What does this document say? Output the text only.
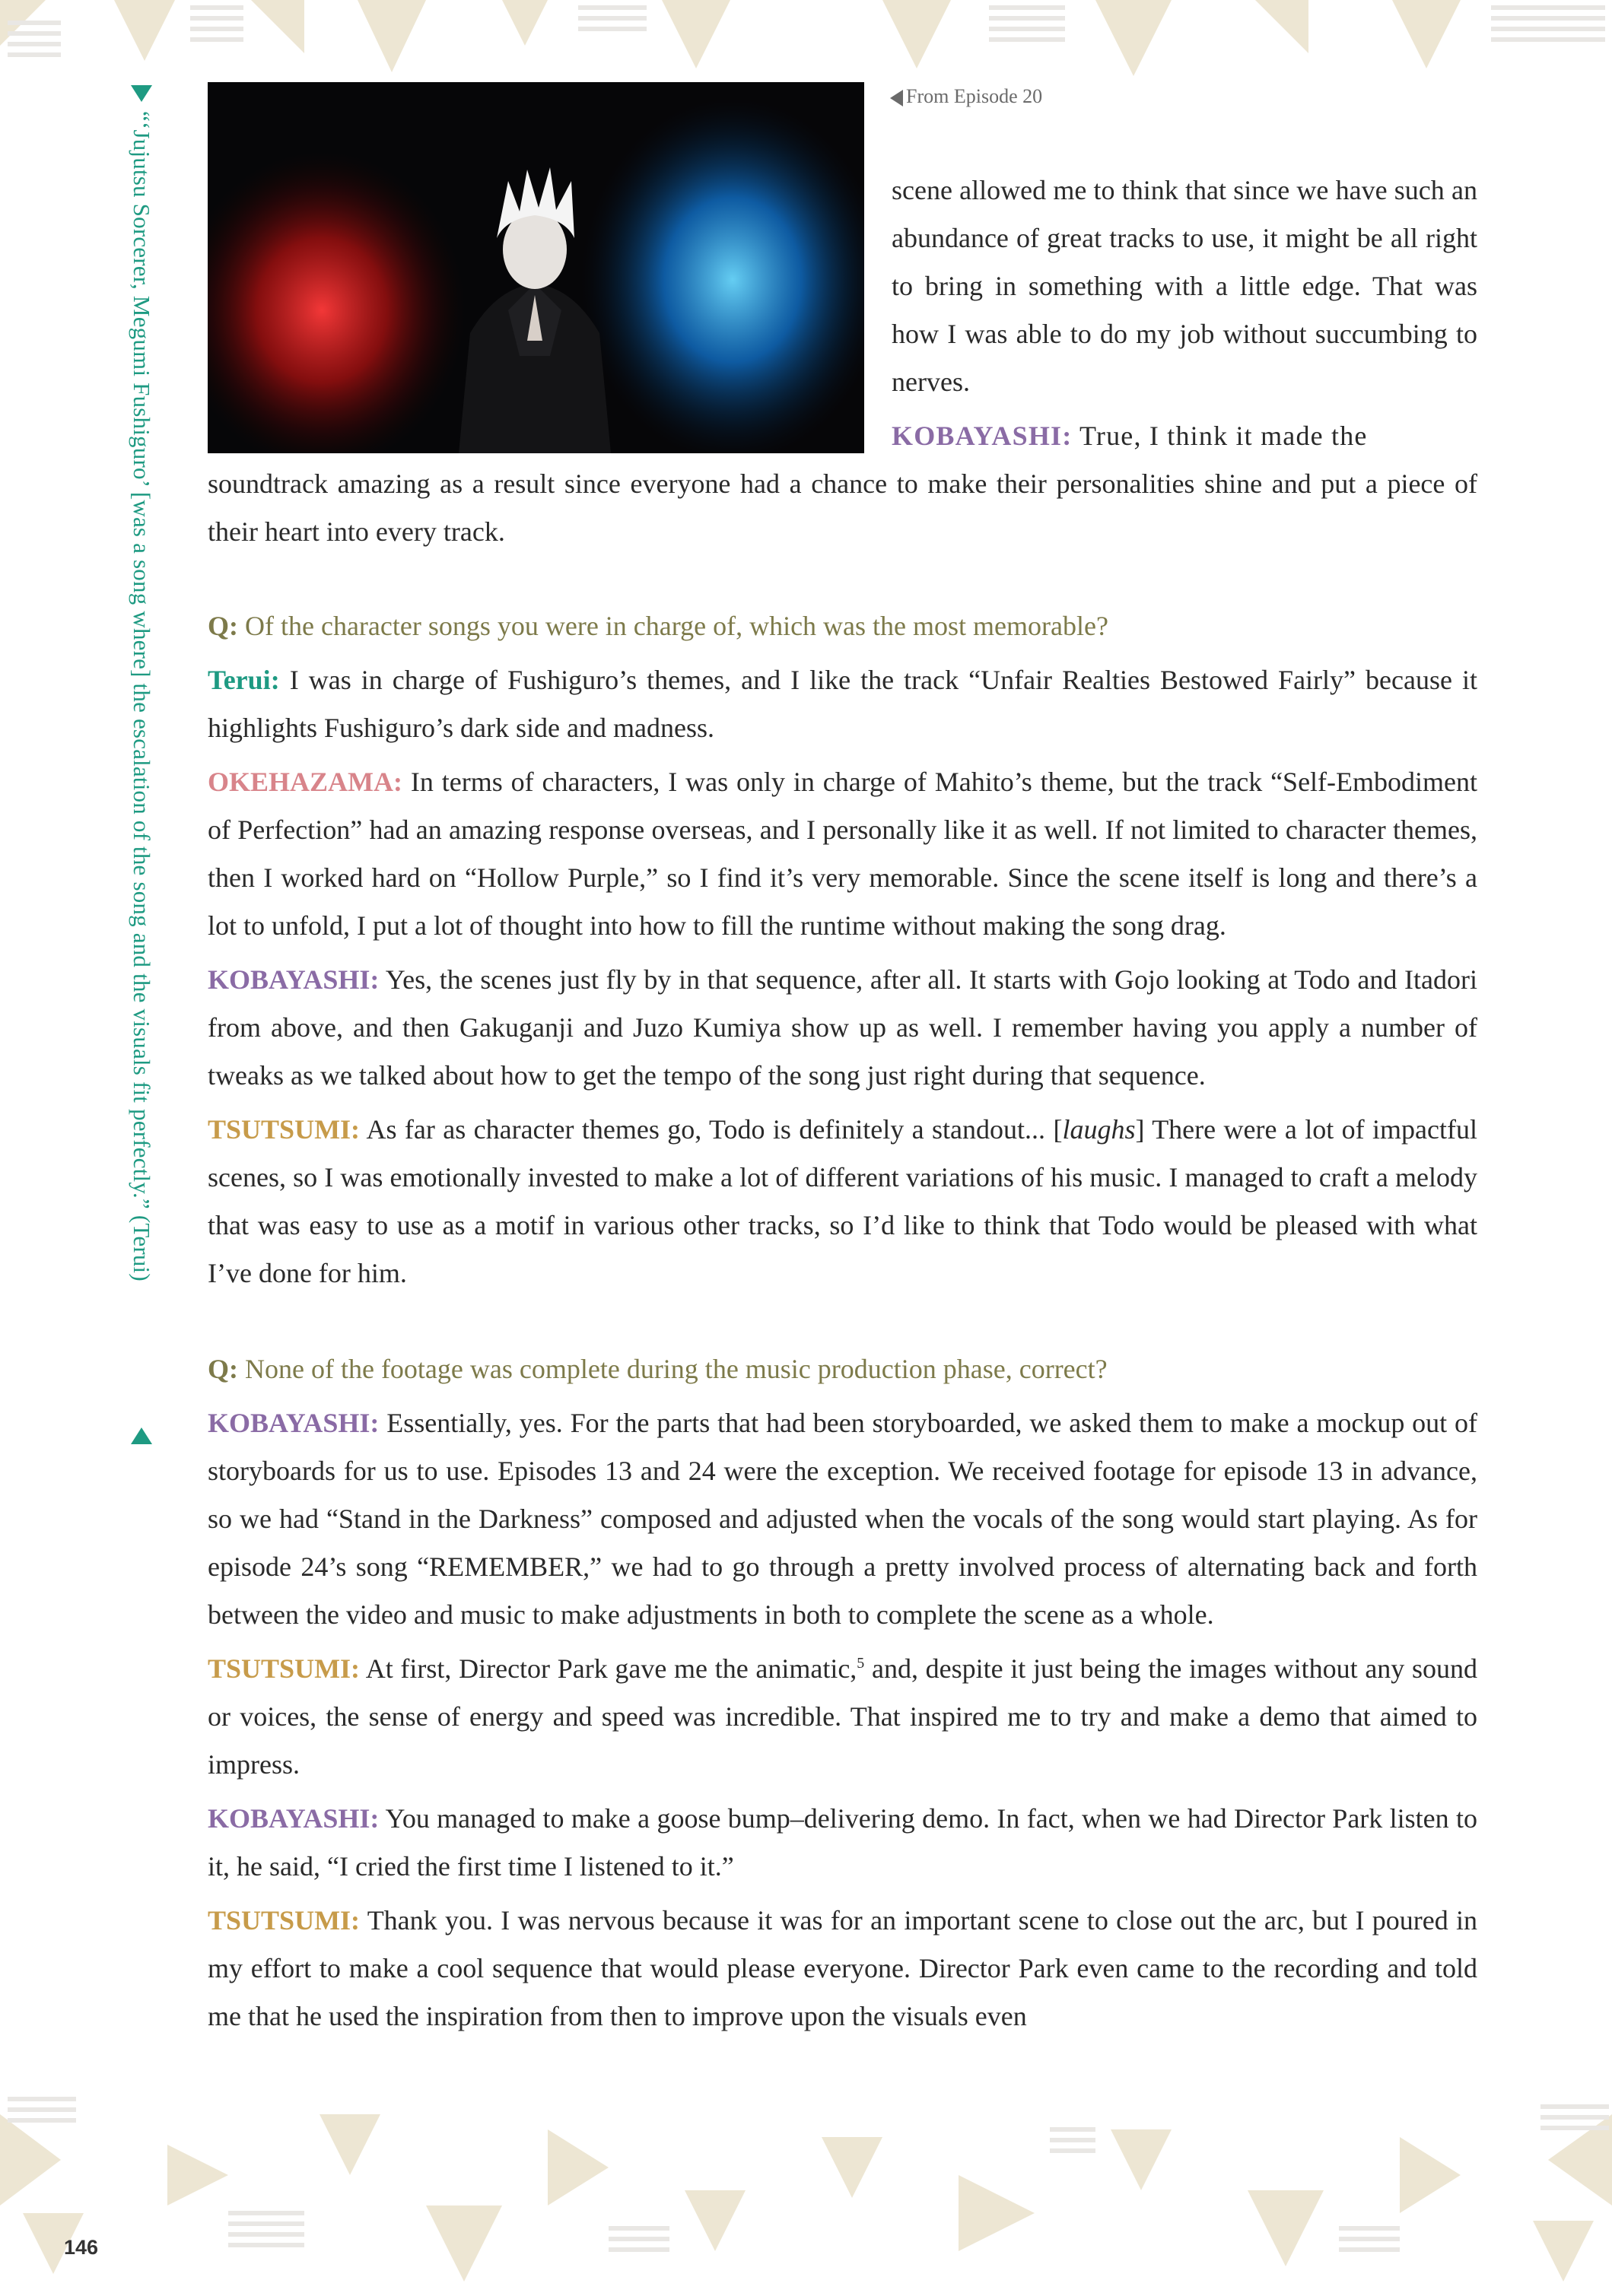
“‘Jujutsu Sorcerer, Megumi Fushiguro’ [was a song where] the escalation of the song and the visuals fit perfectly.” (Terui)
From Episode 20

scene allowed me to think that since we have such an abundance of great tracks to use, it might be all right to bring in something with a little edge. That was how I was able to do my job without succumbing to nerves.

KOBAYASHI: True, I think it made the
soundtrack amazing as a result since everyone had a chance to make their personalities shine and put a piece of their heart into every track.

Q: Of the character songs you were in charge of, which was the most memorable?

Terui: I was in charge of Fushiguro’s themes, and I like the track “Unfair Realties Bestowed Fairly” because it highlights Fushiguro’s dark side and madness.

OKEHAZAMA: In terms of characters, I was only in charge of Mahito’s theme, but the track “Self-Embodiment of Perfection” had an amazing response overseas, and I personally like it as well. If not limited to character themes, then I worked hard on “Hollow Purple,” so I find it’s very memorable. Since the scene itself is long and there’s a lot to unfold, I put a lot of thought into how to fill the runtime without making the song drag.

KOBAYASHI: Yes, the scenes just fly by in that sequence, after all. It starts with Gojo looking at Todo and Itadori from above, and then Gakuganji and Juzo Kumiya show up as well. I remember having you apply a number of tweaks as we talked about how to get the tempo of the song just right during that sequence.

TSUTSUMI: As far as character themes go, Todo is definitely a standout... [laughs] There were a lot of impactful scenes, so I was emotionally invested to make a lot of different variations of his music. I managed to craft a melody that was easy to use as a motif in various other tracks, so I’d like to think that Todo would be pleased with what I’ve done for him.

Q: None of the footage was complete during the music production phase, correct?

KOBAYASHI: Essentially, yes. For the parts that had been storyboarded, we asked them to make a mockup out of storyboards for us to use. Episodes 13 and 24 were the exception. We received footage for episode 13 in advance, so we had “Stand in the Darkness” composed and adjusted when the vocals of the song would start playing. As for episode 24’s song “REMEMBER,” we had to go through a pretty involved process of alternating back and forth between the video and music to make adjustments in both to complete the scene as a whole.

TSUTSUMI: At first, Director Park gave me the animatic,$^5$ and, despite it just being the images without any sound or voices, the sense of energy and speed was incredible. That inspired me to try and make a demo that aimed to impress.

KOBAYASHI: You managed to make a goose bump–delivering demo. In fact, when we had Director Park listen to it, he said, “I cried the first time I listened to it.”

TSUTSUMI: Thank you. I was nervous because it was for an important scene to close out the arc, but I poured in my effort to make a cool sequence that would please everyone. Director Park even came to the recording and told me that he used the inspiration from then to improve upon the visuals even

146
